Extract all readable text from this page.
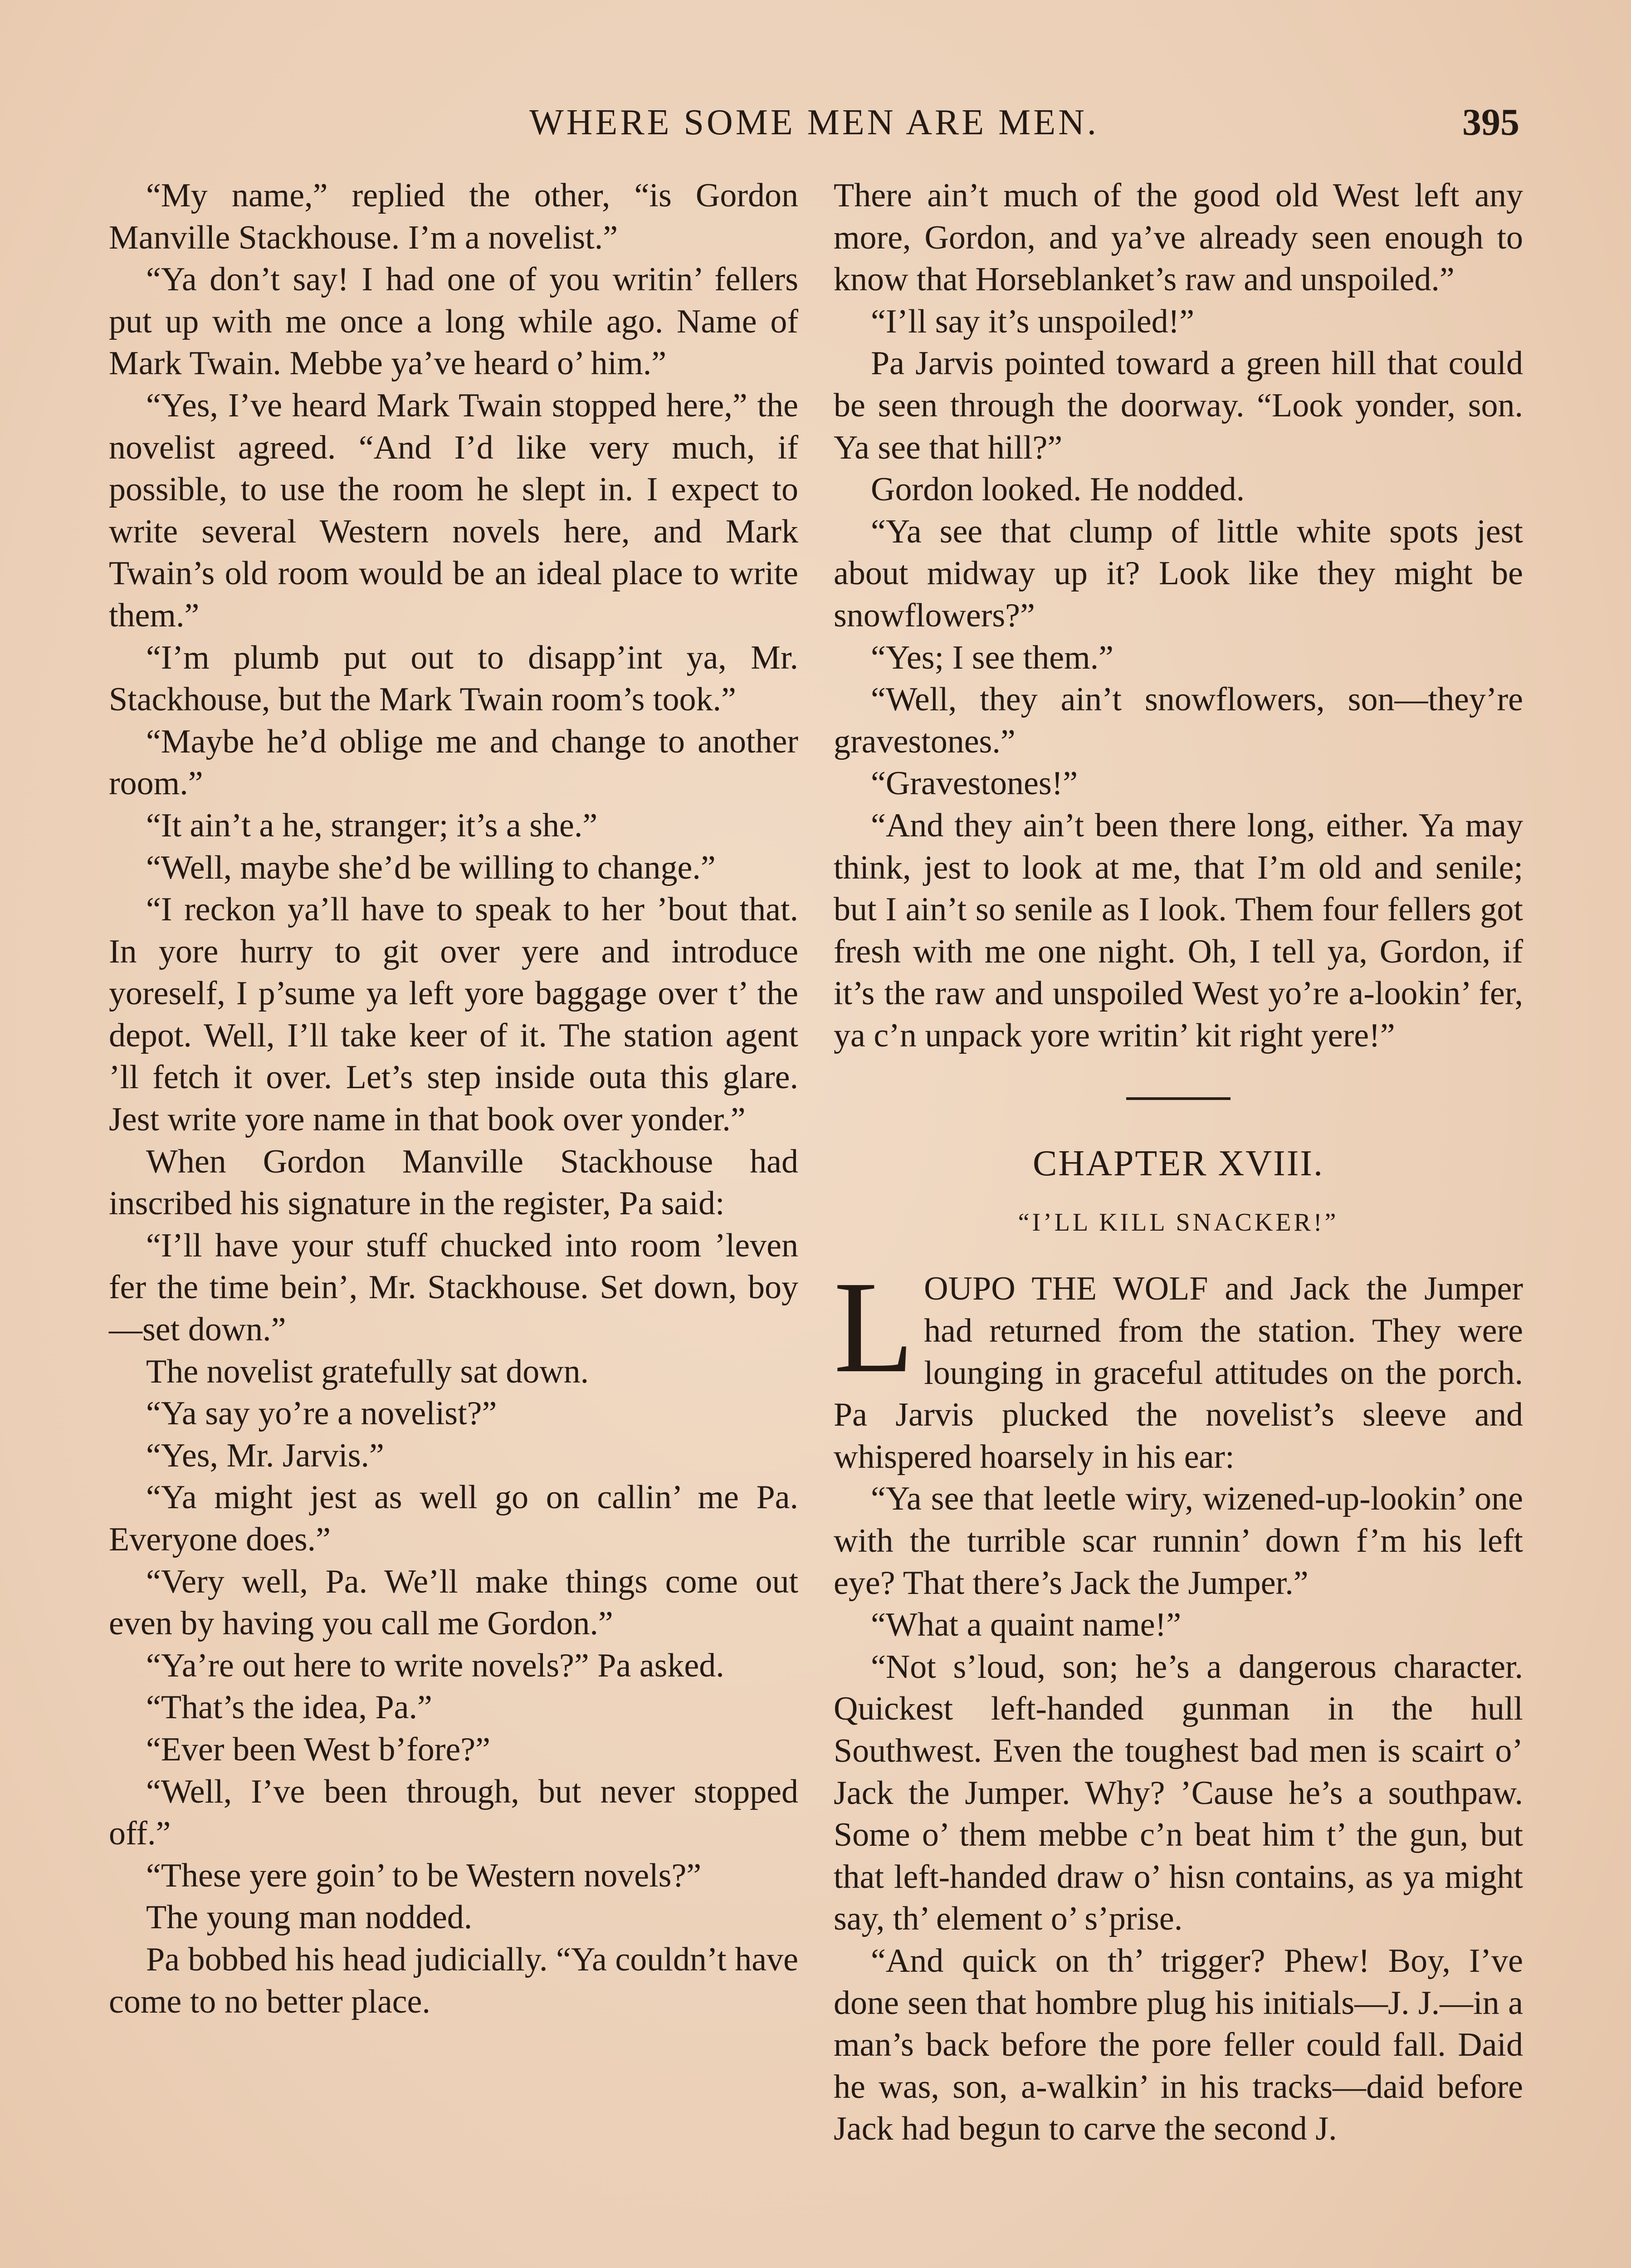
WHERE SOME MEN ARE MEN.	395

“My name,” replied the other, “is Gordon Manville Stackhouse. I’m a novelist.”

“Ya don’t say! I had one of you writin’ fellers put up with me once a long while ago. Name of Mark Twain. Mebbe ya’ve heard o’ him.”

“Yes, I’ve heard Mark Twain stopped here,” the novelist agreed. “And I’d like very much, if possible, to use the room he slept in. I expect to write several Western novels here, and Mark Twain’s old room would be an ideal place to write them.”

“I’m plumb put out to disapp’int ya, Mr. Stackhouse, but the Mark Twain room’s took.”

“Maybe he’d oblige me and change to another room.”

“It ain’t a he, stranger; it’s a she.”

“Well, maybe she’d be willing to change.”

“I reckon ya’ll have to speak to her ’bout that. In yore hurry to git over yere and introduce yoreself, I p’sume ya left yore baggage over t’ the depot. Well, I’ll take keer of it. The station agent ’ll fetch it over. Let’s step inside outa this glare. Jest write yore name in that book over yonder.”

When Gordon Manville Stackhouse had inscribed his signature in the register, Pa said:

“I’ll have your stuff chucked into room ’leven fer the time bein’, Mr. Stackhouse. Set down, boy—set down.”

The novelist gratefully sat down.

“Ya say yo’re a novelist?”

“Yes, Mr. Jarvis.”

“Ya might jest as well go on callin’ me Pa. Everyone does.”

“Very well, Pa. We’ll make things come out even by having you call me Gordon.”

“Ya’re out here to write novels?” Pa asked.

“That’s the idea, Pa.”

“Ever been West b’fore?”

“Well, I’ve been through, but never stopped off.”

“These yere goin’ to be Western novels?”

The young man nodded.

Pa bobbed his head judicially. “Ya couldn’t have come to no better place.

There ain’t much of the good old West left any more, Gordon, and ya’ve already seen enough to know that Horseblanket’s raw and unspoiled.”

“I’ll say it’s unspoiled!”

Pa Jarvis pointed toward a green hill that could be seen through the doorway. “Look yonder, son. Ya see that hill?”

Gordon looked. He nodded.

“Ya see that clump of little white spots jest about midway up it? Look like they might be snowflowers?”

“Yes; I see them.”

“Well, they ain’t snowflowers, son—they’re gravestones.”

“Gravestones!”

“And they ain’t been there long, either. Ya may think, jest to look at me, that I’m old and senile; but I ain’t so senile as I look. Them four fellers got fresh with me one night. Oh, I tell ya, Gordon, if it’s the raw and unspoiled West yo’re a-lookin’ fer, ya c’n unpack yore writin’ kit right yere!”

CHAPTER XVIII.
“I’LL KILL SNACKER!”

LOUPO THE WOLF and Jack the Jumper had returned from the station. They were lounging in graceful attitudes on the porch. Pa Jarvis plucked the novelist’s sleeve and whispered hoarsely in his ear:

“Ya see that leetle wiry, wizened-up-lookin’ one with the turrible scar runnin’ down f’m his left eye? That there’s Jack the Jumper.”

“What a quaint name!”

“Not s’loud, son; he’s a dangerous character. Quickest left-handed gunman in the hull Southwest. Even the toughest bad men is scairt o’ Jack the Jumper. Why? ’Cause he’s a southpaw. Some o’ them mebbe c’n beat him t’ the gun, but that left-handed draw o’ hisn contains, as ya might say, th’ element o’ s’prise.

“And quick on th’ trigger? Phew! Boy, I’ve done seen that hombre plug his initials—J. J.—in a man’s back before the pore feller could fall. Daid he was, son, a-walkin’ in his tracks—daid before Jack had begun to carve the second J.
